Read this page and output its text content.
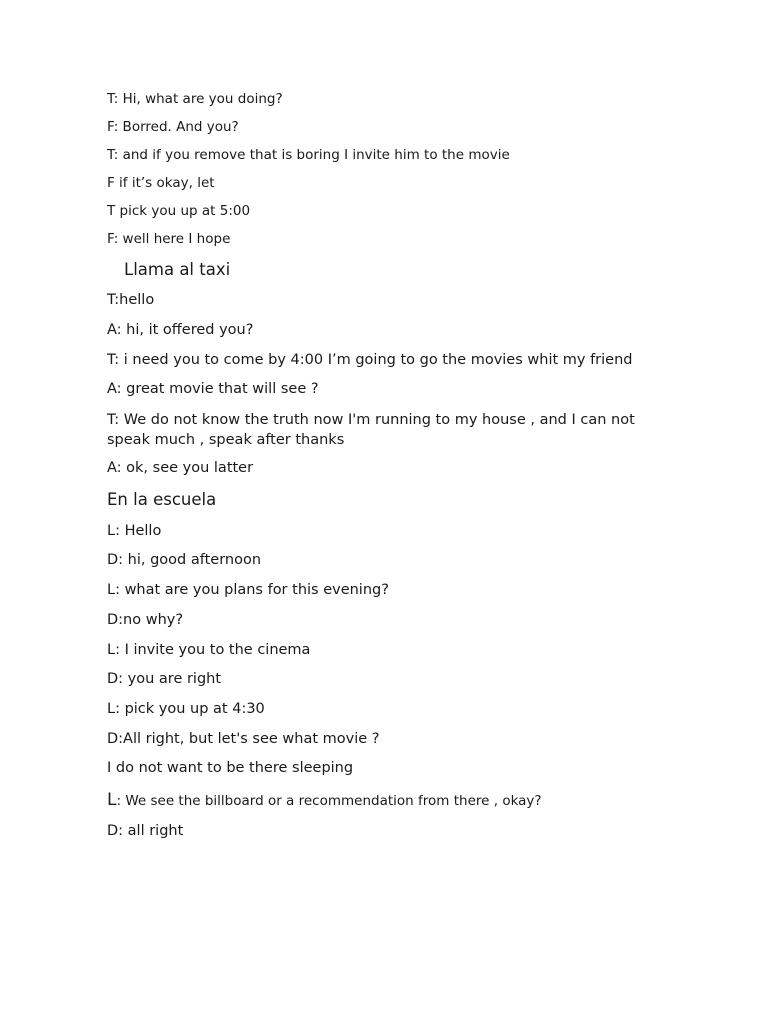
T: Hi, what are you doing?
F: Borred. And you?
T: and if you remove that is boring I invite him to the movie
F if it’s okay, let
T pick you up at 5:00
F: well here I hope
Llama al taxi
T:hello
A: hi, it offered you?
T: i need you to come by 4:00 I’m going to go the movies whit my friend
A: great movie that will see ?
T: We do not know the truth now I'm running to my house , and I can not speak much , speak after thanks
A: ok, see you latter
En la escuela
L: Hello
D: hi, good afternoon
L: what are you plans for this evening?
D:no why?
L: I invite you to the cinema
D: you are right
L: pick you up at 4:30
D:All right, but let's see what movie ?
I do not want to be there sleeping
L: We see the billboard or a recommendation from there , okay?
D: all right
